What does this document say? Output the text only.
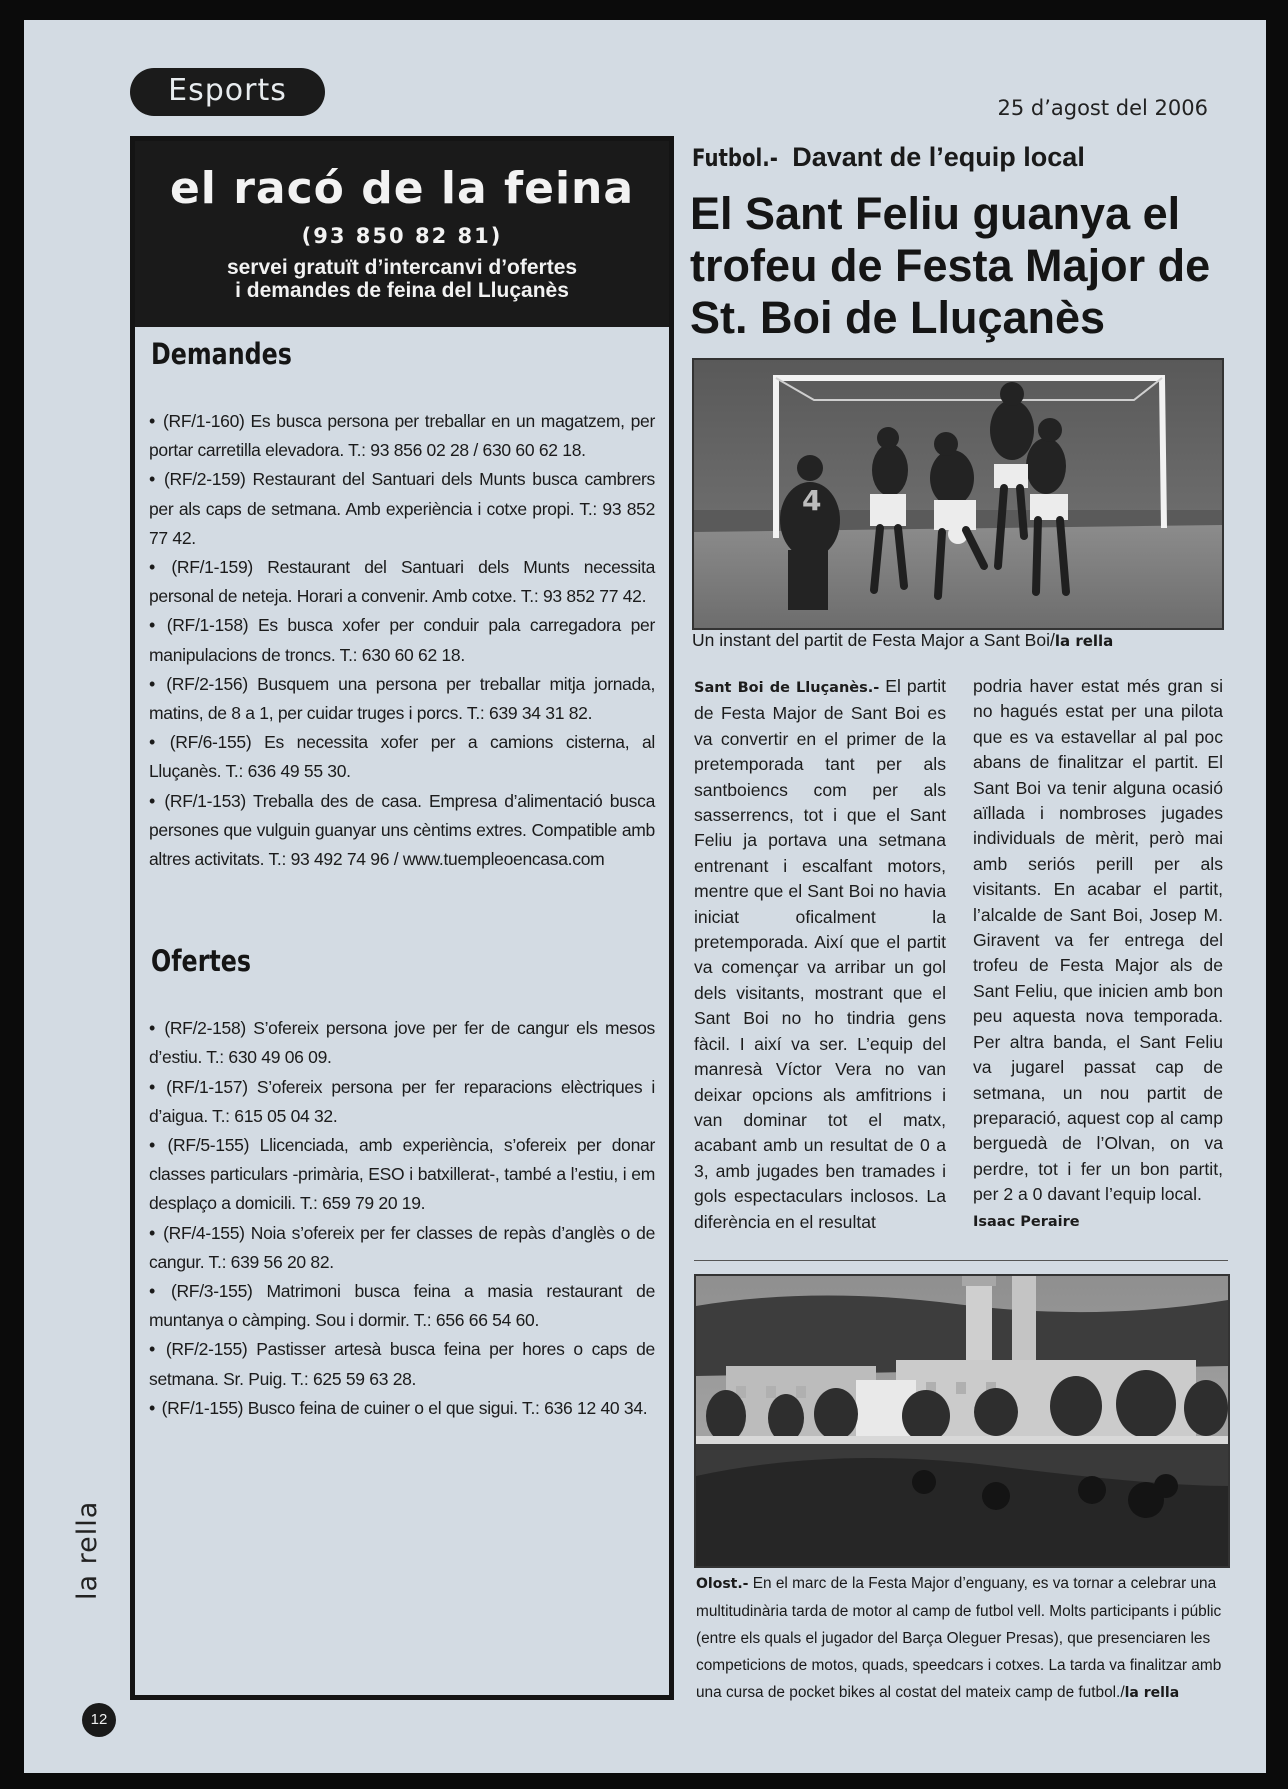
Esports	25 d’agost del 2006
el racó de la feina
(93 850 82 81)
servei gratuït d’intercanvi d’ofertes
i demandes de feina del Lluçanès
Demandes
• (RF/1-160) Es busca persona per treballar en un magatzem, per portar carretilla elevadora. T.: 93 856 02 28 / 630 60 62 18.
• (RF/2-159) Restaurant del Santuari dels Munts busca cambrers per als caps de setmana. Amb experiència i cotxe propi. T.: 93 852 77 42.
• (RF/1-159) Restaurant del Santuari dels Munts necessita personal de neteja. Horari a convenir. Amb cotxe. T.: 93 852 77 42.
• (RF/1-158) Es busca xofer per conduir pala carregadora per manipulacions de troncs. T.: 630 60 62 18.
• (RF/2-156) Busquem una persona per treballar mitja jornada, matins, de 8 a 1, per cuidar truges i porcs. T.: 639 34 31 82.
• (RF/6-155) Es necessita xofer per a camions cisterna, al Lluçanès. T.: 636 49 55 30.
• (RF/1-153) Treballa des de casa. Empresa d’alimentació busca persones que vulguin guanyar uns cèntims extres. Compatible amb altres activitats. T.: 93 492 74 96 / www.tuempleoencasa.com
Ofertes
• (RF/2-158) S’ofereix persona jove per fer de cangur els mesos d’estiu. T.: 630 49 06 09.
• (RF/1-157) S’ofereix persona per fer reparacions elèctriques i d’aigua. T.: 615 05 04 32.
• (RF/5-155) Llicenciada, amb experiència, s’ofereix per donar classes particulars -primària, ESO i batxillerat-, també a l’estiu, i em desplaço a domicili. T.: 659 79 20 19.
• (RF/4-155) Noia s’ofereix per fer classes de repàs d’anglès o de cangur. T.: 639 56 20 82.
• (RF/3-155) Matrimoni busca feina a masia restaurant de muntanya o càmping. Sou i dormir. T.: 656 66 54 60.
• (RF/2-155) Pastisser artesà busca feina per hores o caps de setmana. Sr. Puig. T.: 625 59 63 28.
• (RF/1-155) Busco feina de cuiner o el que sigui. T.: 636 12 40 34.
Futbol.- Davant de l’equip local
El Sant Feliu guanya el trofeu de Festa Major de St. Boi de Lluçanès
4
Un instant del partit de Festa Major a Sant Boi/la rella
Sant Boi de Lluçanès.- El partit de Festa Major de Sant Boi es va convertir en el primer de la pretemporada tant per als santboiencs com per als sasserrencs, tot i que el Sant Feliu ja portava una setmana entrenant i escalfant motors, mentre que el Sant Boi no havia iniciat oficalment la pretemporada. Així que el partit va començar va arribar un gol dels visitants, mostrant que el Sant Boi no ho tindria gens fàcil. I així va ser. L’equip del manresà Víctor Vera no van deixar opcions als amfitrions i van dominar tot el matx, acabant amb un resultat de 0 a 3, amb jugades ben tramades i gols espectaculars inclosos. La diferència en el resultat
podria haver estat més gran si no hagués estat per una pilota que es va estavellar al pal poc abans de finalitzar el partit. El Sant Boi va tenir alguna ocasió aïllada i nombroses jugades individuals de mèrit, però mai amb seriós perill per als visitants. En acabar el partit, l’alcalde de Sant Boi, Josep M. Giravent va fer entrega del trofeu de Festa Major als de Sant Feliu, que inicien amb bon peu aquesta nova temporada. Per altra banda, el Sant Feliu va jugarel passat cap de setmana, un nou partit de preparació, aquest cop al camp berguedà de l’Olvan, on va perdre, tot i fer un bon partit, per 2 a 0 davant l’equip local.
Isaac Peraire
Olost.- En el marc de la Festa Major d’enguany, es va tornar a celebrar una multitudinària tarda de motor al camp de futbol vell. Molts participants i públic (entre els quals el jugador del Barça Oleguer Presas), que presenciaren les competicions de motos, quads, speedcars i cotxes. La tarda va finalitzar amb una cursa de pocket bikes al costat del mateix camp de futbol./la rella
la rella
12
